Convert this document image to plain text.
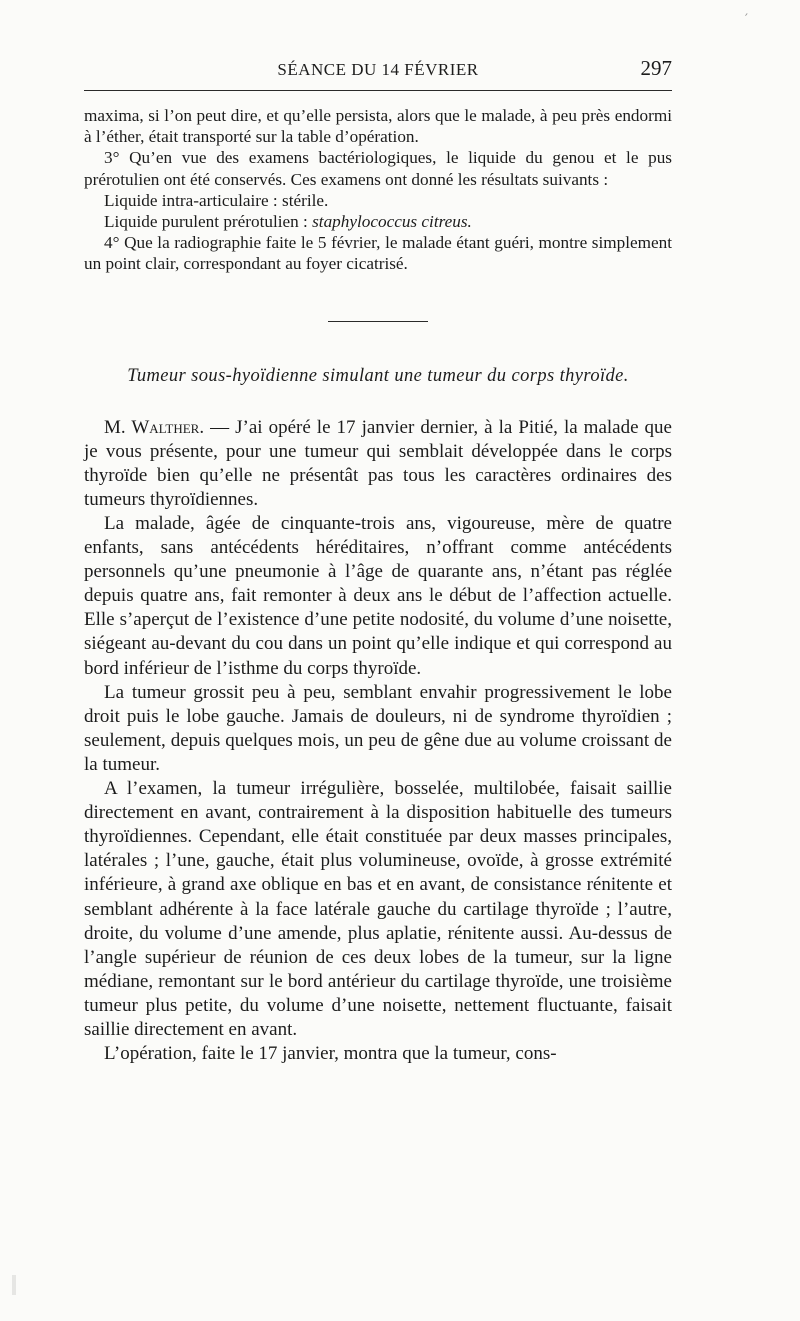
′
SÉANCE DU 14 FÉVRIER	297

maxima, si l’on peut dire, et qu’elle persista, alors que le malade, à peu près endormi à l’éther, était transporté sur la table d’opération.

3° Qu’en vue des examens bactériologiques, le liquide du genou et le pus prérotulien ont été conservés. Ces examens ont donné les résultats suivants :

Liquide intra-articulaire : stérile.

Liquide purulent prérotulien : staphylococcus citreus.

4° Que la radiographie faite le 5 février, le malade étant guéri, montre simplement un point clair, correspondant au foyer cicatrisé.

Tumeur sous-hyoïdienne simulant une tumeur du corps thyroïde.

M. Walther. — J’ai opéré le 17 janvier dernier, à la Pitié, la malade que je vous présente, pour une tumeur qui semblait développée dans le corps thyroïde bien qu’elle ne présentât pas tous les caractères ordinaires des tumeurs thyroïdiennes.

La malade, âgée de cinquante-trois ans, vigoureuse, mère de quatre enfants, sans antécédents héréditaires, n’offrant comme antécédents personnels qu’une pneumonie à l’âge de quarante ans, n’étant pas réglée depuis quatre ans, fait remonter à deux ans le début de l’affection actuelle. Elle s’aperçut de l’existence d’une petite nodosité, du volume d’une noisette, siégeant au-devant du cou dans un point qu’elle indique et qui correspond au bord inférieur de l’isthme du corps thyroïde.

La tumeur grossit peu à peu, semblant envahir progressivement le lobe droit puis le lobe gauche. Jamais de douleurs, ni de syndrome thyroïdien ; seulement, depuis quelques mois, un peu de gêne due au volume croissant de la tumeur.

A l’examen, la tumeur irrégulière, bosselée, multilobée, faisait saillie directement en avant, contrairement à la disposition habituelle des tumeurs thyroïdiennes. Cependant, elle était constituée par deux masses principales, latérales ; l’une, gauche, était plus volumineuse, ovoïde, à grosse extrémité inférieure, à grand axe oblique en bas et en avant, de consistance rénitente et semblant adhérente à la face latérale gauche du cartilage thyroïde ; l’autre, droite, du volume d’une amende, plus aplatie, rénitente aussi. Au-dessus de l’angle supérieur de réunion de ces deux lobes de la tumeur, sur la ligne médiane, remontant sur le bord antérieur du cartilage thyroïde, une troisième tumeur plus petite, du volume d’une noisette, nettement fluctuante, faisait saillie directement en avant.

L’opération, faite le 17 janvier, montra que la tumeur, cons-
